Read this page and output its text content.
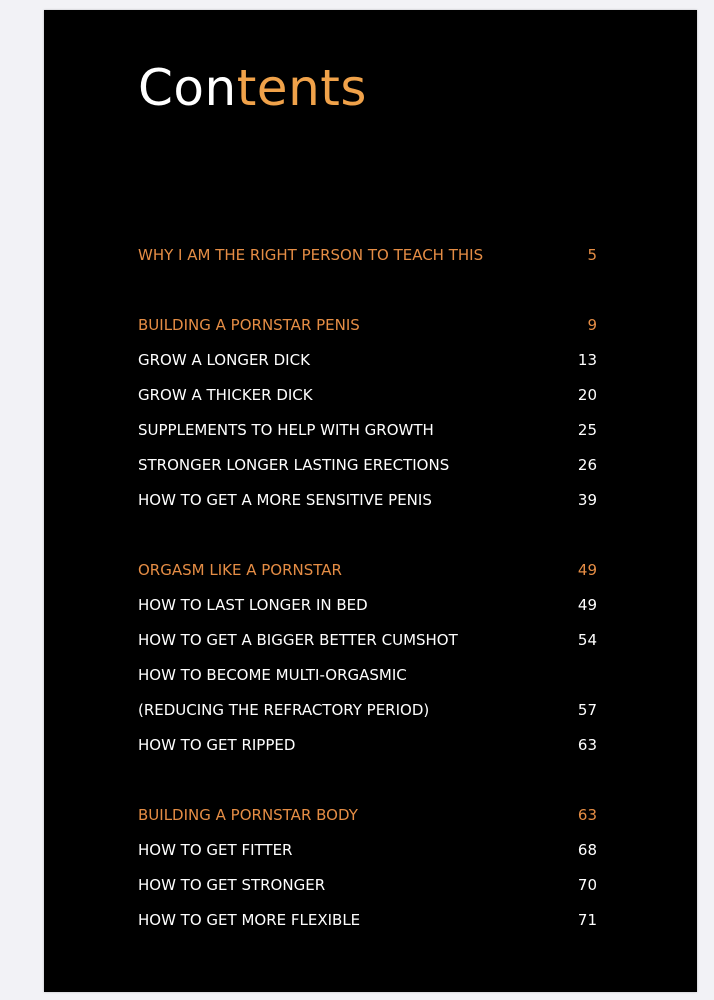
Contents
WHY I AM THE RIGHT PERSON TO TEACH THIS	5
BUILDING A PORNSTAR PENIS	9
GROW A LONGER DICK	13
GROW A THICKER DICK	20
SUPPLEMENTS TO HELP WITH GROWTH	25
STRONGER LONGER LASTING ERECTIONS	26
HOW TO GET A MORE SENSITIVE PENIS	39
ORGASM LIKE A PORNSTAR	49
HOW TO LAST LONGER IN BED	49
HOW TO GET A BIGGER BETTER CUMSHOT	54
HOW TO BECOME MULTI-ORGASMIC
(REDUCING THE REFRACTORY PERIOD)	57
HOW TO GET RIPPED	63
BUILDING A PORNSTAR BODY	63
HOW TO GET FITTER	68
HOW TO GET STRONGER	70
HOW TO GET MORE FLEXIBLE	71
